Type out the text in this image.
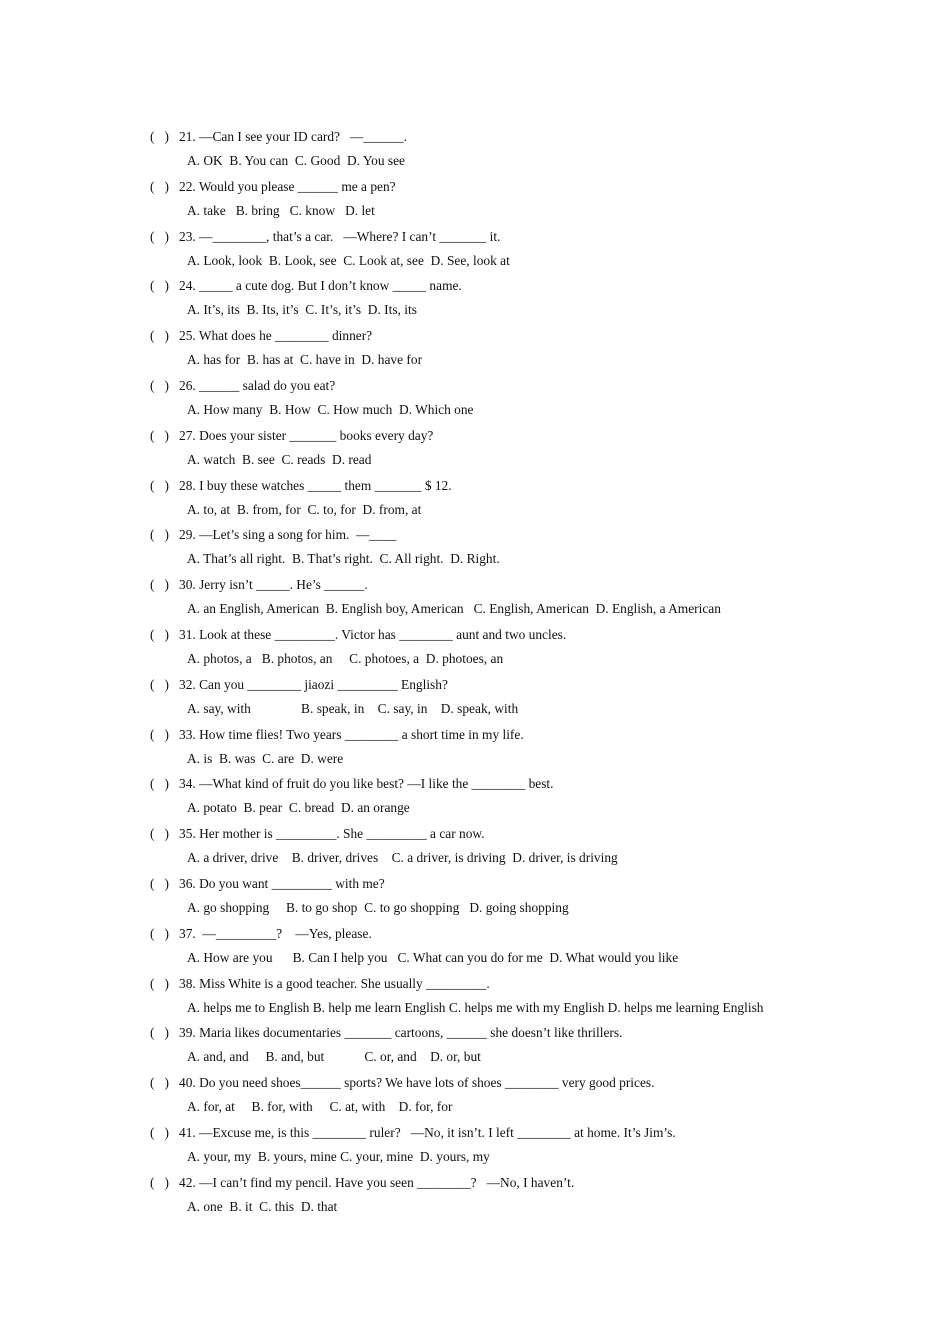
(   ) 21. —Can I see your ID card?   —______.
A. OK  B. You can  C. Good  D. You see
(   ) 22. Would you please ______ me a pen?
A. take   B. bring   C. know   D. let
(   ) 23. —________, that’s a car.   —Where? I can’t _______ it.
A. Look, look  B. Look, see  C. Look at, see  D. See, look at
(   ) 24. _____ a cute dog. But I don’t know _____ name.
A. It’s, its  B. Its, it’s  C. It’s, it’s  D. Its, its
(   ) 25. What does he ________ dinner?
A. has for  B. has at  C. have in  D. have for
(   ) 26. ______ salad do you eat?
A. How many  B. How  C. How much  D. Which one
(   ) 27. Does your sister _______ books every day?
A. watch  B. see  C. reads  D. read
(   ) 28. I buy these watches _____ them _______ $ 12.
A. to, at  B. from, for  C. to, for  D. from, at
(   ) 29. —Let’s sing a song for him.  —____
A. That’s all right.  B. That’s right.  C. All right.  D. Right.
(   ) 30. Jerry isn’t _____. He’s ______.
A. an English, American  B. English boy, American   C. English, American  D. English, a American
(   ) 31. Look at these _________. Victor has ________ aunt and two uncles.
A. photos, a   B. photos, an     C. photoes, a  D. photoes, an
(   ) 32. Can you ________ jiaozi _________ English?
A. say, with               B. speak, in    C. say, in    D. speak, with
(   ) 33. How time flies! Two years ________ a short time in my life.
A. is  B. was  C. are  D. were
(   ) 34. —What kind of fruit do you like best? —I like the ________ best.
A. potato  B. pear  C. bread  D. an orange
(   ) 35. Her mother is _________. She _________ a car now.
A. a driver, drive    B. driver, drives    C. a driver, is driving  D. driver, is driving
(   ) 36. Do you want _________ with me?
A. go shopping     B. to go shop  C. to go shopping   D. going shopping
(   ) 37.  —_________?    —Yes, please.
A. How are you      B. Can I help you   C. What can you do for me  D. What would you like
(   ) 38. Miss White is a good teacher. She usually _________.
A. helps me to English B. help me learn English C. helps me with my English D. helps me learning English
(   ) 39. Maria likes documentaries _______ cartoons, ______ she doesn’t like thrillers.
A. and, and     B. and, but            C. or, and    D. or, but
(   ) 40. Do you need shoes______ sports? We have lots of shoes ________ very good prices.
A. for, at     B. for, with     C. at, with    D. for, for
(   ) 41. —Excuse me, is this ________ ruler?   —No, it isn’t. I left ________ at home. It’s Jim’s.
A. your, my  B. yours, mine C. your, mine  D. yours, my
(   ) 42. —I can’t find my pencil. Have you seen ________?   —No, I haven’t.
A. one  B. it  C. this  D. that
